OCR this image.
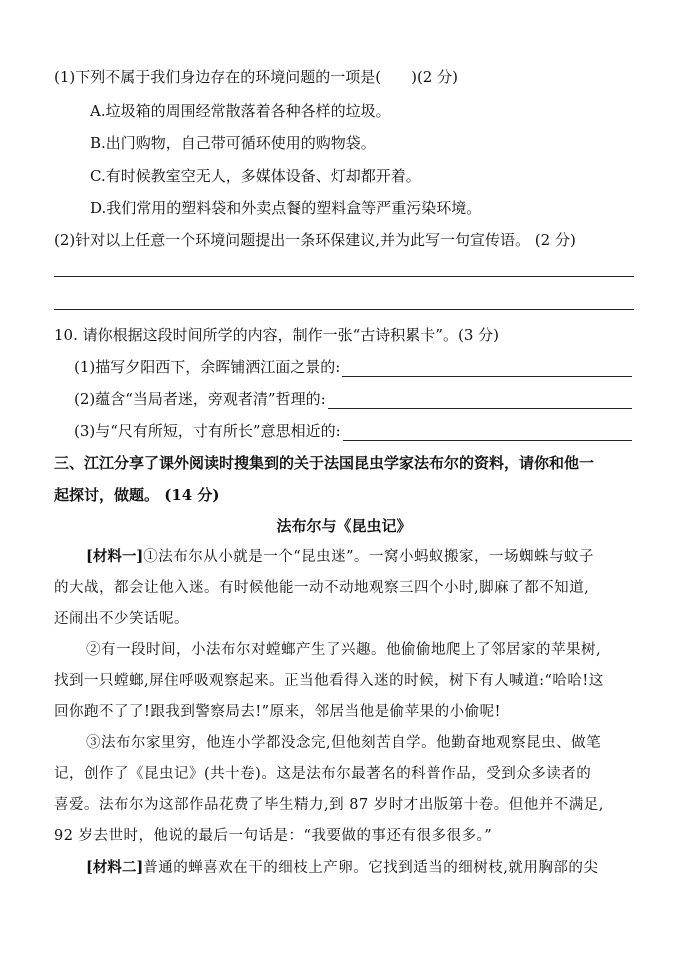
(1)下列不属于我们身边存在的环境问题的一项是(　　)(2 分)
A.垃圾箱的周围经常散落着各种各样的垃圾。
B.出门购物，自己带可循环使用的购物袋。
C.有时候教室空无人，多媒体设备、灯却都开着。
D.我们常用的塑料袋和外卖点餐的塑料盒等严重污染环境。
(2)针对以上任意一个环境问题提出一条环保建议,并为此写一句宣传语。 (2 分)
10. 请你根据这段时间所学的内容，制作一张“古诗积累卡”。(3 分)
(1)描写夕阳西下，余晖铺洒江面之景的:
(2)蕴含“当局者迷，旁观者清”哲理的:
(3)与“尺有所短，寸有所长”意思相近的:
三、江江分享了课外阅读时搜集到的关于法国昆虫学家法布尔的资料，请你和他一
起探讨，做题。 (14 分)
法布尔与《昆虫记》

[材料一]①法布尔从小就是一个“昆虫迷”。一窝小蚂蚁搬家，一场蜘蛛与蚊子

的大战，都会让他入迷。有时候他能一动不动地观察三四个小时,脚麻了都不知道,

还闹出不少笑话呢。

②有一段时间，小法布尔对螳螂产生了兴趣。他偷偷地爬上了邻居家的苹果树,

找到一只螳螂,屏住呼吸观察起来。正当他看得入迷的时候，树下有人喊道:“哈哈!这

回你跑不了了!跟我到警察局去!”原来，邻居当他是偷苹果的小偷呢!

③法布尔家里穷，他连小学都没念完,但他刻苦自学。他勤奋地观察昆虫、做笔

记，创作了《昆虫记》(共十卷)。这是法布尔最著名的科普作品，受到众多读者的

喜爱。法布尔为这部作品花费了毕生精力,到 87 岁时才出版第十卷。但他并不满足,

92 岁去世时，他说的最后一句话是：“我要做的事还有很多很多。”

[材料二]普通的蝉喜欢在干的细枝上产卵。它找到适当的细树枝,就用胸部的尖
